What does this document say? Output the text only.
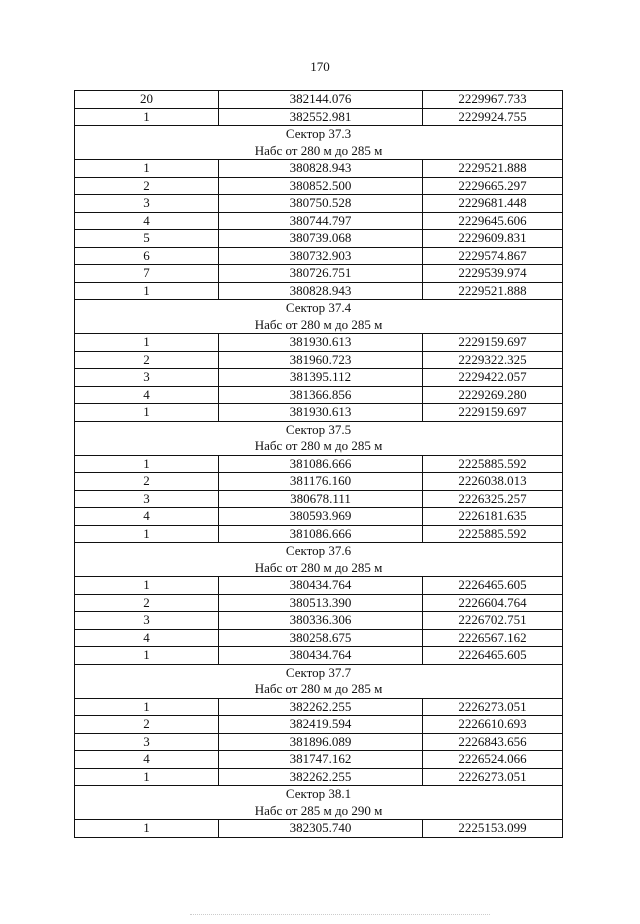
170
20	382144.076	2229967.733
1	382552.981	2229924.755
Сектор 37.3		
Набс от 280 м до 285 м		
1	380828.943	2229521.888
2	380852.500	2229665.297
3	380750.528	2229681.448
4	380744.797	2229645.606
5	380739.068	2229609.831
6	380732.903	2229574.867
7	380726.751	2229539.974
1	380828.943	2229521.888
Сектор 37.4		
Набс от 280 м до 285 м		
1	381930.613	2229159.697
2	381960.723	2229322.325
3	381395.112	2229422.057
4	381366.856	2229269.280
1	381930.613	2229159.697
Сектор 37.5		
Набс от 280 м до 285 м		
1	381086.666	2225885.592
2	381176.160	2226038.013
3	380678.111	2226325.257
4	380593.969	2226181.635
1	381086.666	2225885.592
Сектор 37.6		
Набс от 280 м до 285 м		
1	380434.764	2226465.605
2	380513.390	2226604.764
3	380336.306	2226702.751
4	380258.675	2226567.162
1	380434.764	2226465.605
Сектор 37.7		
Набс от 280 м до 285 м		
1	382262.255	2226273.051
2	382419.594	2226610.693
3	381896.089	2226843.656
4	381747.162	2226524.066
1	382262.255	2226273.051
Сектор 38.1		
Набс от 285 м до 290 м		
1	382305.740	2225153.099
